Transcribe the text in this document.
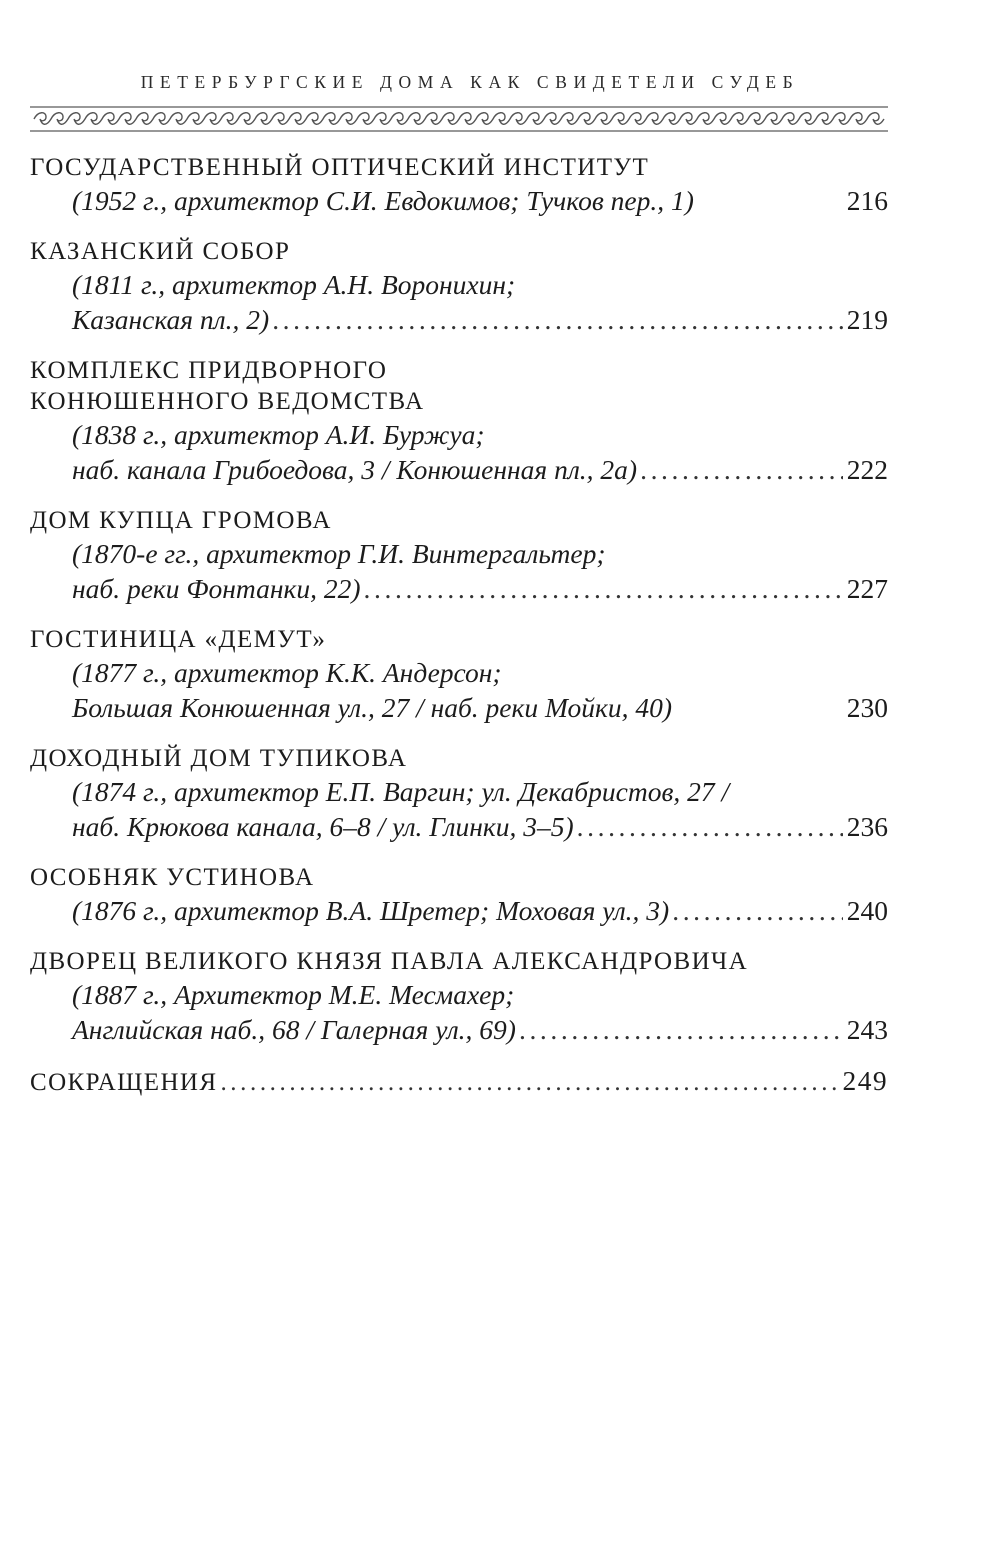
ПЕТЕРБУРГСКИЕ ДОМА КАК СВИДЕТЕЛИ СУДЕБ
ГОСУДАРСТВЕННЫЙ ОПТИЧЕСКИЙ ИНСТИТУТ
(1952 г., архитектор С.И. Евдокимов; Тучков пер., 1)	216
КАЗАНСКИЙ СОБОР
(1811 г., архитектор А.Н. Воронихин;
Казанская пл., 2) .....	219
КОМПЛЕКС ПРИДВОРНОГО
КОНЮШЕННОГО ВЕДОМСТВА
(1838 г., архитектор А.И. Буржуа;
наб. канала Грибоедова, 3 / Конюшенная пл., 2а) .....	222
ДОМ КУПЦА ГРОМОВА
(1870-е гг., архитектор Г.И. Винтергальтер;
наб. реки Фонтанки, 22) .....	227
ГОСТИНИЦА «ДЕМУТ»
(1877 г., архитектор К.К. Андерсон;
Большая Конюшенная ул., 27 / наб. реки Мойки, 40)	230
ДОХОДНЫЙ ДОМ ТУПИКОВА
(1874 г., архитектор Е.П. Варгин; ул. Декабристов, 27 /
наб. Крюкова канала, 6–8 / ул. Глинки, 3–5) .....	236
ОСОБНЯК УСТИНОВА
(1876 г., архитектор В.А. Шретер; Моховая ул., 3) .....	240
ДВОРЕЦ ВЕЛИКОГО КНЯЗЯ ПАВЛА АЛЕКСАНДРОВИЧА
(1887 г., Архитектор М.Е. Месмахер;
Английская наб., 68 / Галерная ул., 69) .....	243
СОКРАЩЕНИЯ .....	249
